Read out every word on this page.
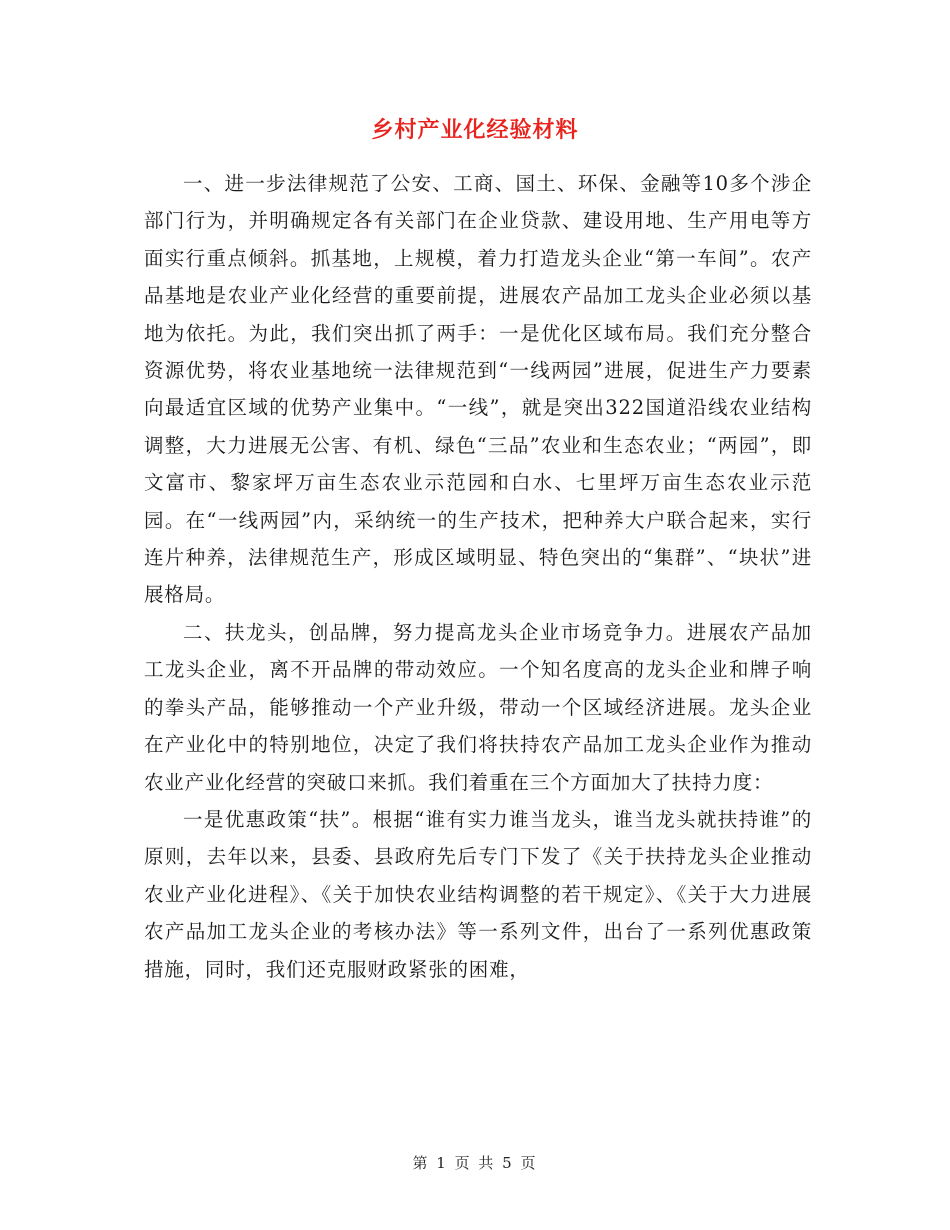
乡村产业化经验材料

一、进一步法律规范了公安、工商、国土、环保、金融等10多个涉企部门行为，并明确规定各有关部门在企业贷款、建设用地、生产用电等方面实行重点倾斜。抓基地，上规模，着力打造龙头企业“第一车间”。农产品基地是农业产业化经营的重要前提，进展农产品加工龙头企业必须以基地为依托。为此，我们突出抓了两手：一是优化区域布局。我们充分整合资源优势，将农业基地统一法律规范到“一线两园”进展，促进生产力要素向最适宜区域的优势产业集中。“一线”，就是突出322国道沿线农业结构调整，大力进展无公害、有机、绿色“三品”农业和生态农业；“两园”，即文富市、黎家坪万亩生态农业示范园和白水、七里坪万亩生态农业示范园。在“一线两园”内，采纳统一的生产技术，把种养大户联合起来，实行连片种养，法律规范生产，形成区域明显、特色突出的“集群”、“块状”进展格局。

二、扶龙头，创品牌，努力提高龙头企业市场竞争力。进展农产品加工龙头企业，离不开品牌的带动效应。一个知名度高的龙头企业和牌子响的拳头产品，能够推动一个产业升级，带动一个区域经济进展。龙头企业在产业化中的特别地位，决定了我们将扶持农产品加工龙头企业作为推动农业产业化经营的突破口来抓。我们着重在三个方面加大了扶持力度：

一是优惠政策“扶”。根据“谁有实力谁当龙头，谁当龙头就扶持谁”的原则，去年以来，县委、县政府先后专门下发了《关于扶持龙头企业推动农业产业化进程》、《关于加快农业结构调整的若干规定》、《关于大力进展农产品加工龙头企业的考核办法》等一系列文件，出台了一系列优惠政策措施，同时，我们还克服财政紧张的困难，

第 1 页 共 5 页
